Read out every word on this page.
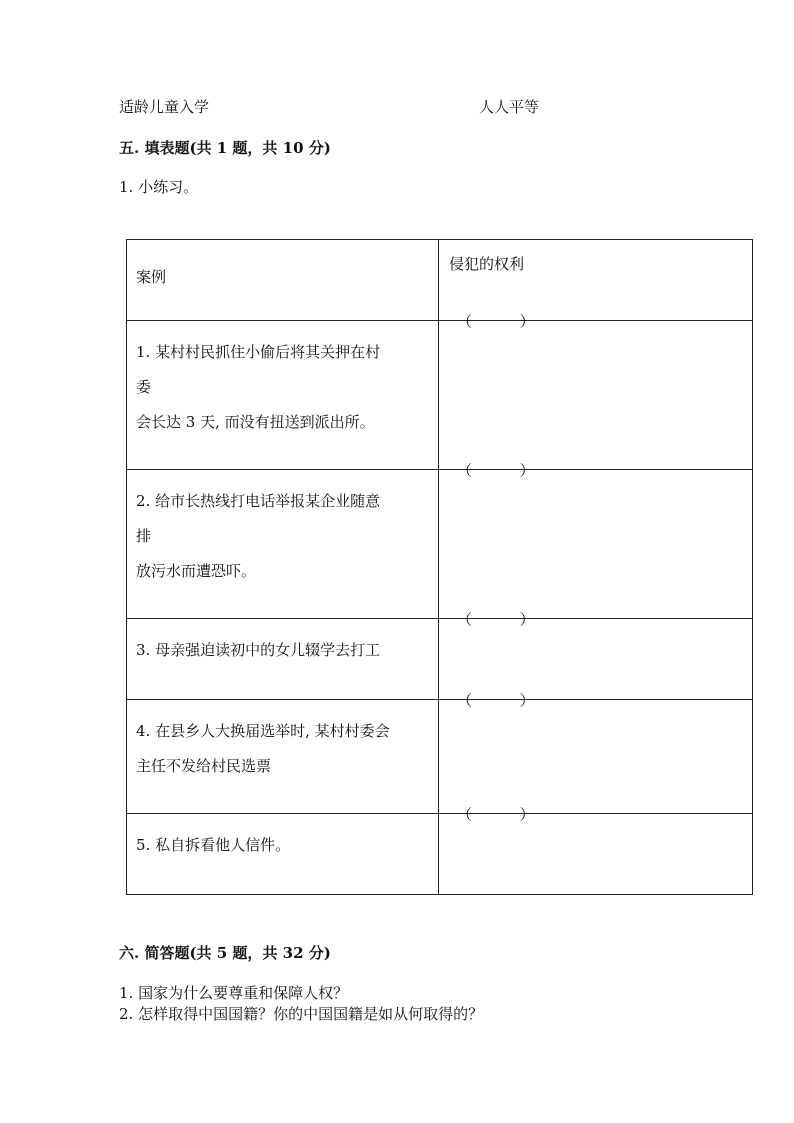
适龄儿童入学	人人平等
五. 填表题(共 1 题，共 10 分)
1. 小练习。
案例	侵犯的权利

1. 某村村民抓住小偷后将其关押在村
委
会长达 3 天, 而没有扭送到派出所。	（          ）

2. 给市长热线打电话举报某企业随意
排
放污水而遭恐吓。	（          ）

3. 母亲强迫读初中的女儿辍学去打工	（          ）

4. 在县乡人大换届选举时, 某村村委会
主任不发给村民选票	（          ）

5. 私自拆看他人信件。	（          ）
六. 简答题(共 5 题，共 32 分)
1. 国家为什么要尊重和保障人权？
2. 怎样取得中国国籍？你的中国国籍是如从何取得的？
